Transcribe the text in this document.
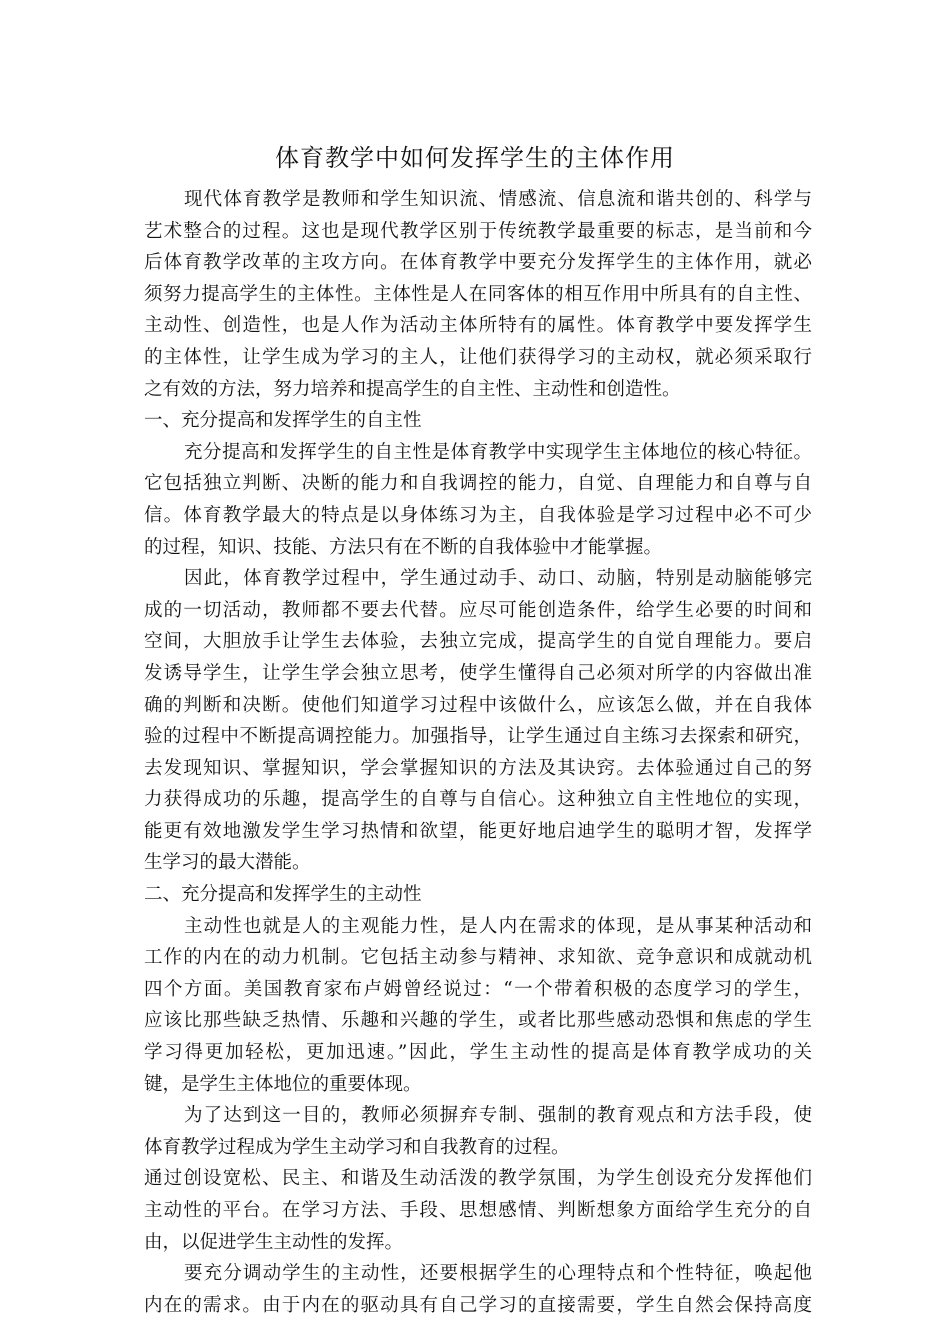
体育教学中如何发挥学生的主体作用
现代体育教学是教师和学生知识流、情感流、信息流和谐共创的、科学与
艺术整合的过程。这也是现代教学区别于传统教学最重要的标志，是当前和今
后体育教学改革的主攻方向。在体育教学中要充分发挥学生的主体作用，就必
须努力提高学生的主体性。主体性是人在同客体的相互作用中所具有的自主性、
主动性、创造性，也是人作为活动主体所特有的属性。体育教学中要发挥学生
的主体性，让学生成为学习的主人，让他们获得学习的主动权，就必须采取行
之有效的方法，努力培养和提高学生的自主性、主动性和创造性。
一、充分提高和发挥学生的自主性
充分提高和发挥学生的自主性是体育教学中实现学生主体地位的核心特征。
它包括独立判断、决断的能力和自我调控的能力，自觉、自理能力和自尊与自
信。体育教学最大的特点是以身体练习为主，自我体验是学习过程中必不可少
的过程，知识、技能、方法只有在不断的自我体验中才能掌握。
因此，体育教学过程中，学生通过动手、动口、动脑，特别是动脑能够完
成的一切活动，教师都不要去代替。应尽可能创造条件，给学生必要的时间和
空间，大胆放手让学生去体验，去独立完成，提高学生的自觉自理能力。要启
发诱导学生，让学生学会独立思考，使学生懂得自己必须对所学的内容做出准
确的判断和决断。使他们知道学习过程中该做什么，应该怎么做，并在自我体
验的过程中不断提高调控能力。加强指导，让学生通过自主练习去探索和研究，
去发现知识、掌握知识，学会掌握知识的方法及其诀窍。去体验通过自己的努
力获得成功的乐趣，提高学生的自尊与自信心。这种独立自主性地位的实现，
能更有效地激发学生学习热情和欲望，能更好地启迪学生的聪明才智，发挥学
生学习的最大潜能。
二、充分提高和发挥学生的主动性
主动性也就是人的主观能力性，是人内在需求的体现，是从事某种活动和
工作的内在的动力机制。它包括主动参与精神、求知欲、竞争意识和成就动机
四个方面。美国教育家布卢姆曾经说过：“一个带着积极的态度学习的学生，
应该比那些缺乏热情、乐趣和兴趣的学生，或者比那些感动恐惧和焦虑的学生
学习得更加轻松，更加迅速。”因此，学生主动性的提高是体育教学成功的关
键，是学生主体地位的重要体现。
为了达到这一目的，教师必须摒弃专制、强制的教育观点和方法手段，使
体育教学过程成为学生主动学习和自我教育的过程。
通过创设宽松、民主、和谐及生动活泼的教学氛围，为学生创设充分发挥他们
主动性的平台。在学习方法、手段、思想感情、判断想象方面给学生充分的自
由，以促进学生主动性的发挥。
要充分调动学生的主动性，还要根据学生的心理特点和个性特征，唤起他
内在的需求。由于内在的驱动具有自己学习的直接需要，学生自然会保持高度
